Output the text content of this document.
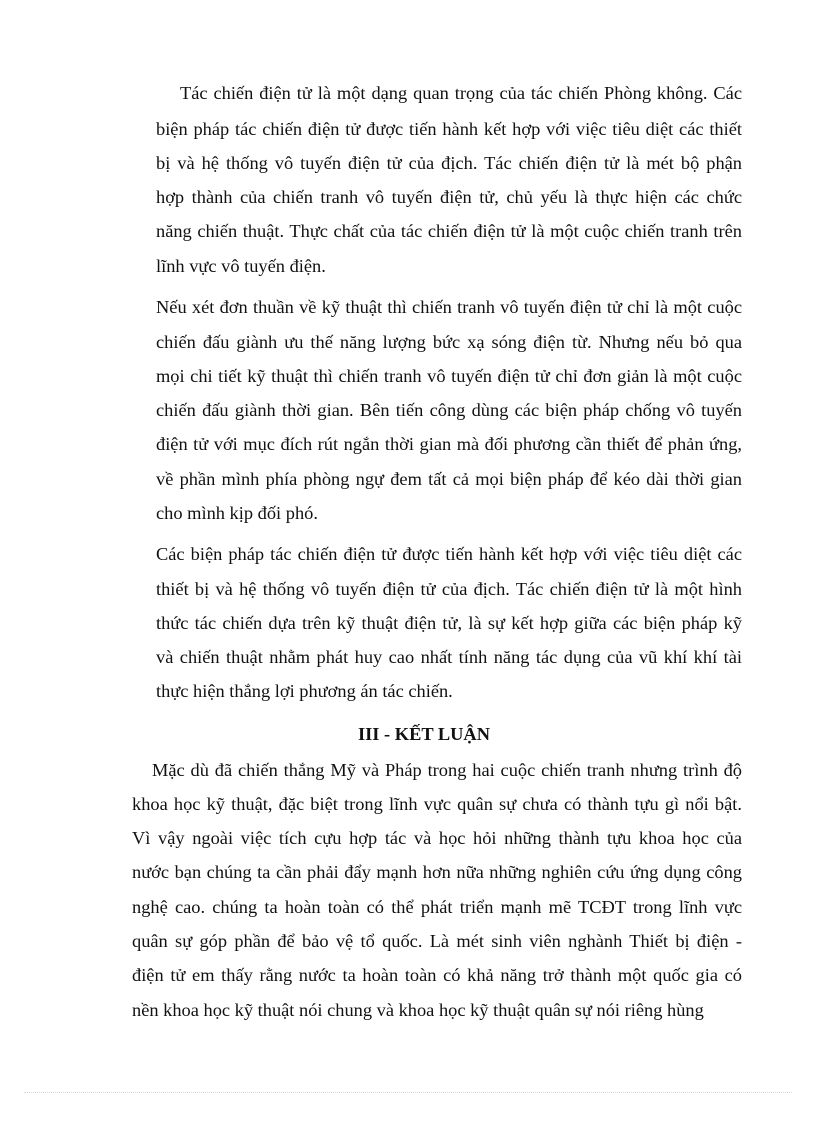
Tác chiến điện tử là một dạng quan trọng của tác chiến Phòng không. Các
biện pháp tác chiến điện tử được tiến hành kết hợp với việc tiêu diệt các thiết
bị và hệ thống vô tuyến điện tử của địch. Tác chiến điện tử là mét bộ phận
hợp thành của chiến tranh vô tuyến điện tử, chủ yếu là thực hiện các chức
năng chiến thuật. Thực chất của tác chiến điện tử là một cuộc chiến tranh trên
lĩnh vực vô tuyến điện.
Nếu xét đơn thuần về kỹ thuật thì chiến tranh vô tuyến điện tử chỉ là một cuộc
chiến đấu giành ưu thế năng lượng bức xạ sóng điện từ. Nhưng nếu bỏ qua
mọi chi tiết kỹ thuật thì chiến tranh vô tuyến điện tử chỉ đơn giản là một cuộc
chiến đấu giành thời gian. Bên tiến công dùng các biện pháp chống vô tuyến
điện tử với mục đích rút ngắn thời gian mà đối phương cần thiết để phản ứng,
về phần mình phía phòng ngự đem tất cả mọi biện pháp để kéo dài thời gian
cho mình kịp đối phó.
Các biện pháp tác chiến điện tử được tiến hành kết hợp với việc tiêu diệt các
thiết bị và hệ thống vô tuyến điện tử của địch. Tác chiến điện tử là một hình
thức tác chiến dựa trên kỹ thuật điện tử, là sự kết hợp giữa các biện pháp kỹ
và chiến thuật nhằm phát huy cao nhất tính năng tác dụng của vũ khí khí tài
thực hiện thắng lợi phương án tác chiến.
III - KẾT LUẬN
Mặc dù đã chiến thắng Mỹ và Pháp trong hai cuộc chiến tranh nhưng trình độ
khoa học kỹ thuật, đặc biệt trong lĩnh vực quân sự chưa có thành tựu gì nổi bật.
Vì vậy ngoài việc tích cựu hợp tác và học hỏi những thành tựu khoa học của
nước bạn chúng ta cần phải đẩy mạnh hơn nữa những nghiên cứu ứng dụng công
nghệ cao. chúng ta hoàn toàn có thể phát triển mạnh mẽ TCĐT trong lĩnh vực
quân sự góp phần để bảo vệ tổ quốc. Là mét sinh viên nghành Thiết bị điện -
điện tử em thấy rằng nước ta hoàn toàn có khả năng trở thành một quốc gia có
nền khoa học kỹ thuật nói chung và khoa học kỹ thuật quân sự nói riêng hùng
